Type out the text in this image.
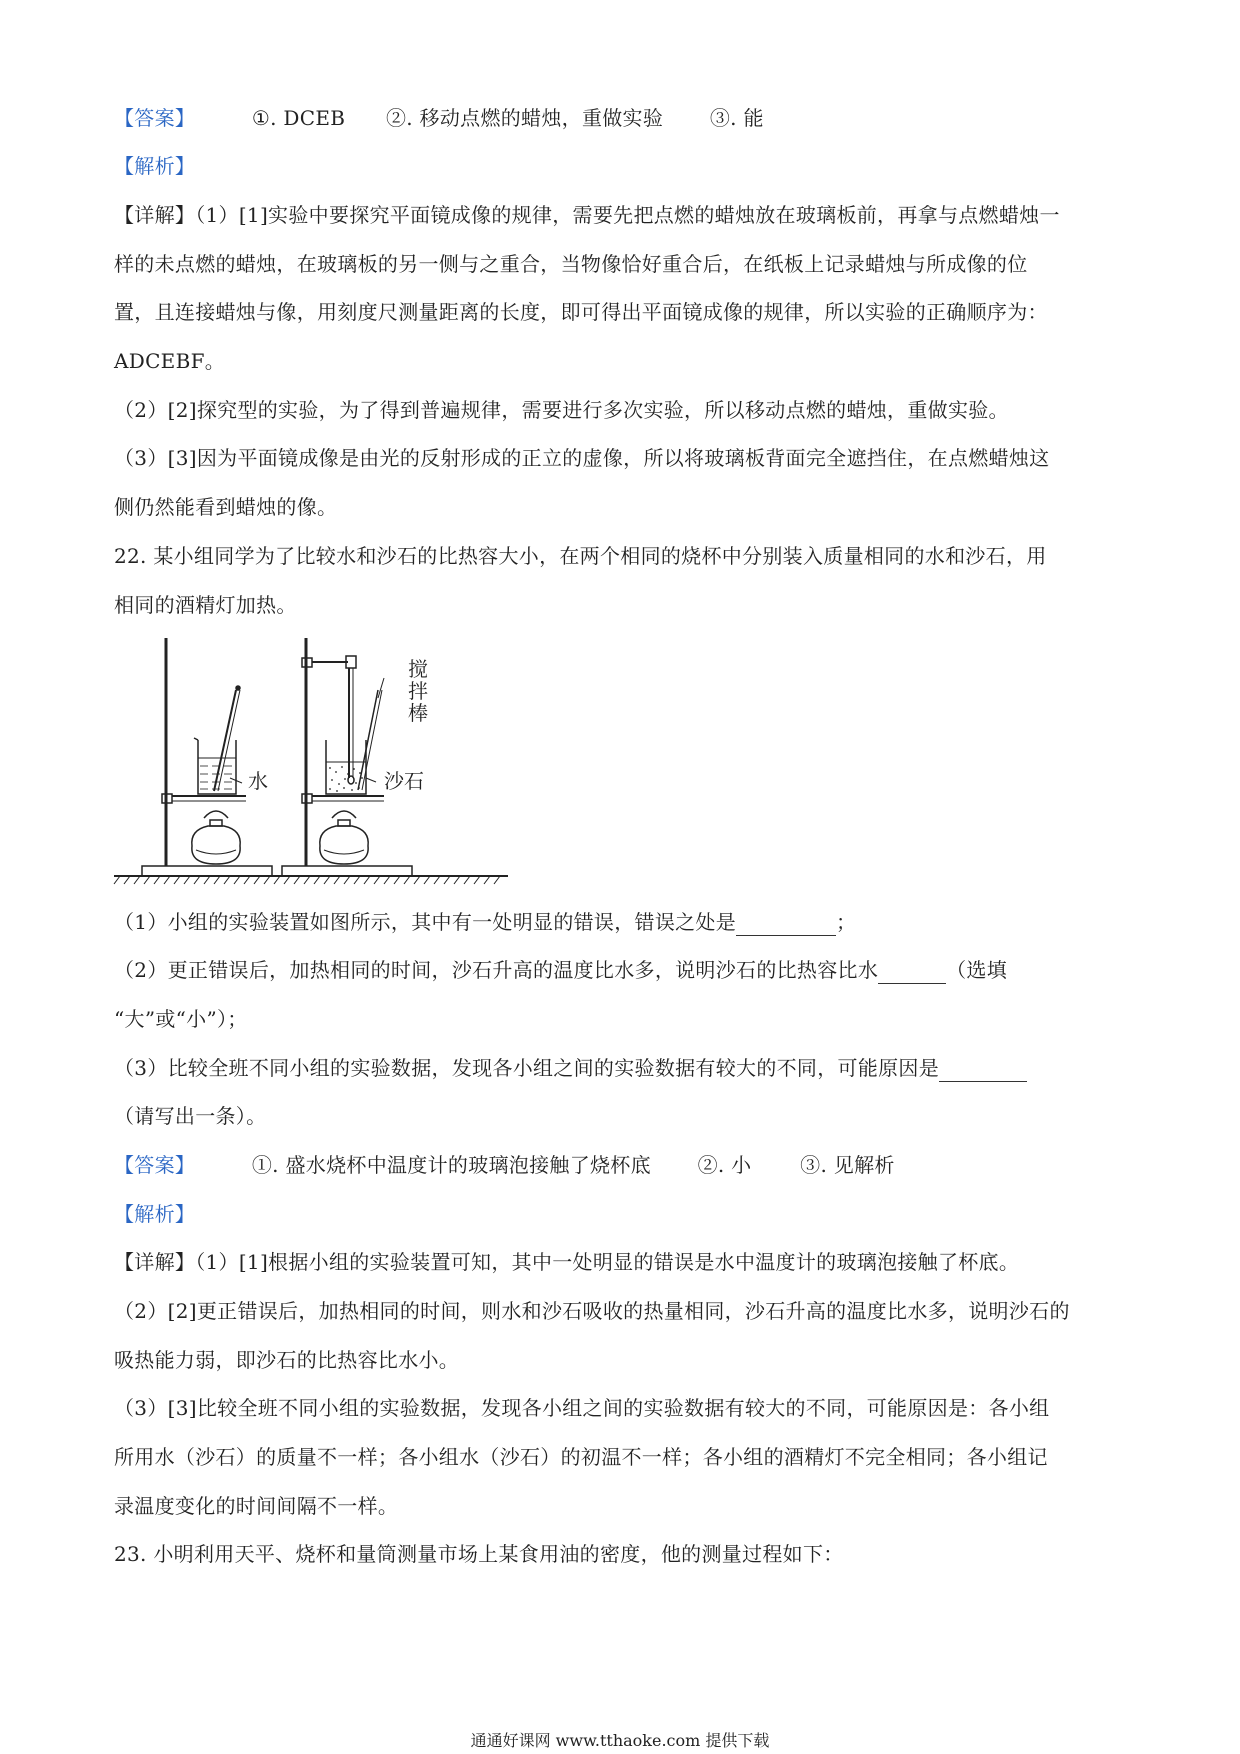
【答案】	①. DCEB ②. 移动点燃的蜡烛，重做实验 ③. 能
【解析】
【详解】（1）[1]实验中要探究平面镜成像的规律，需要先把点燃的蜡烛放在玻璃板前，再拿与点燃蜡烛一
样的未点燃的蜡烛，在玻璃板的另一侧与之重合，当物像恰好重合后，在纸板上记录蜡烛与所成像的位
置，且连接蜡烛与像，用刻度尺测量距离的长度，即可得出平面镜成像的规律，所以实验的正确顺序为：
ADCEBF。
（2）[2]探究型的实验，为了得到普遍规律，需要进行多次实验，所以移动点燃的蜡烛，重做实验。
（3）[3]因为平面镜成像是由光的反射形成的正立的虚像，所以将玻璃板背面完全遮挡住，在点燃蜡烛这
侧仍然能看到蜡烛的像。
22. 某小组同学为了比较水和沙石的比热容大小，在两个相同的烧杯中分别装入质量相同的水和沙石，用
相同的酒精灯加热。
水
搅
拌
棒
沙石
（1）小组的实验装置如图所示，其中有一处明显的错误，错误之处是	；
（2）更正错误后，加热相同的时间，沙石升高的温度比水多，说明沙石的比热容比水	（选填
“大”或“小”）；
（3）比较全班不同小组的实验数据，发现各小组之间的实验数据有较大的不同，可能原因是
（请写出一条）。
【答案】	①. 盛水烧杯中温度计的玻璃泡接触了烧杯底 ②. 小 ③. 见解析
【解析】
【详解】（1）[1]根据小组的实验装置可知，其中一处明显的错误是水中温度计的玻璃泡接触了杯底。
（2）[2]更正错误后，加热相同的时间，则水和沙石吸收的热量相同，沙石升高的温度比水多，说明沙石的
吸热能力弱，即沙石的比热容比水小。
（3）[3]比较全班不同小组的实验数据，发现各小组之间的实验数据有较大的不同，可能原因是：各小组
所用水（沙石）的质量不一样；各小组水（沙石）的初温不一样；各小组的酒精灯不完全相同；各小组记
录温度变化的时间间隔不一样。
23. 小明利用天平、烧杯和量筒测量市场上某食用油的密度，他的测量过程如下：
通通好课网 www.tthaoke.com 提供下载
